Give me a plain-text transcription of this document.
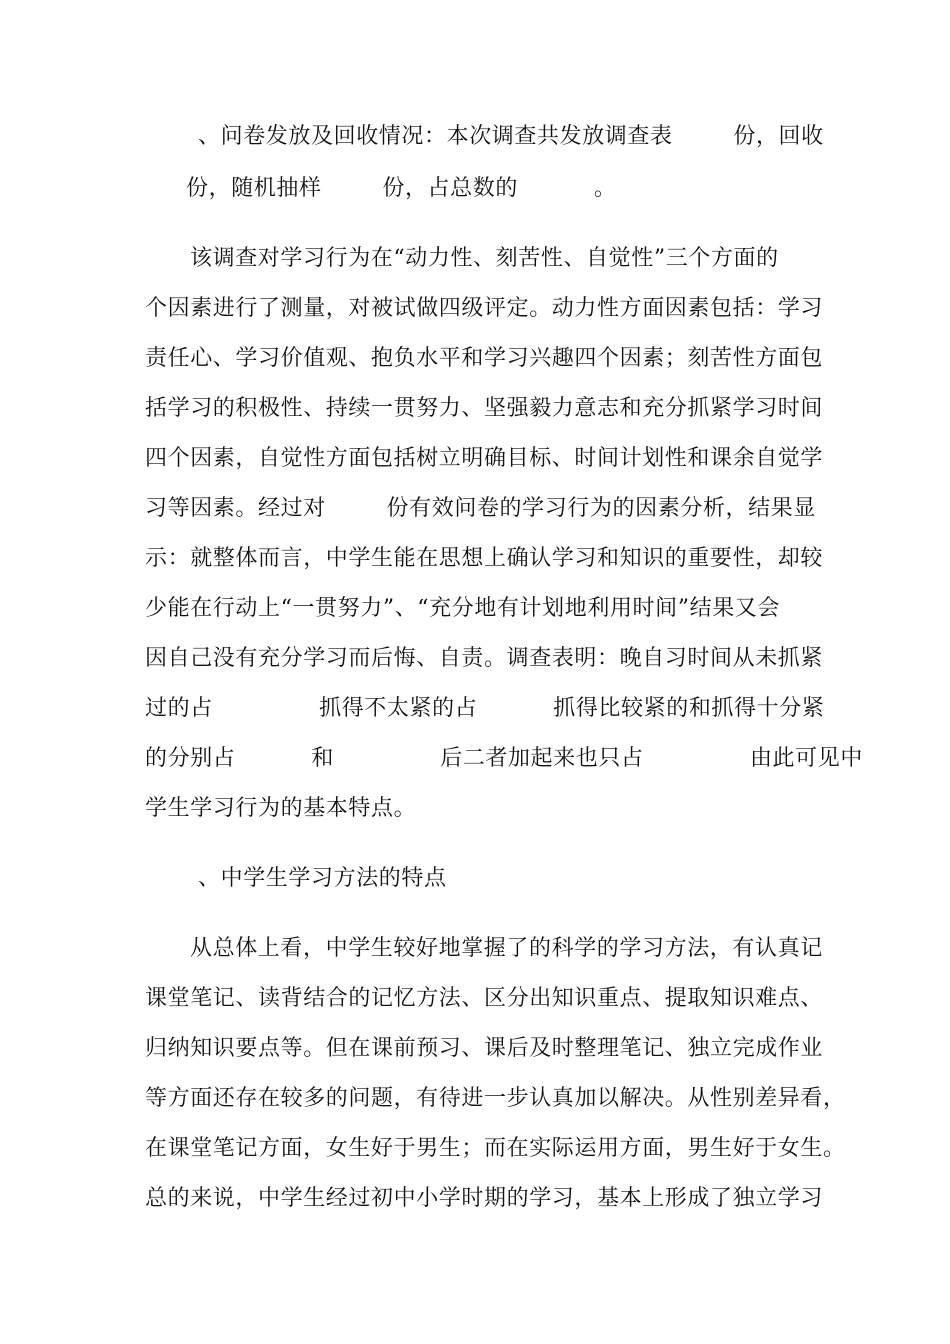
、问卷发放及回收情况：本次调查共发放调查表        份，回收
份，随机抽样        份，占总数的          。
该调查对学习行为在“动力性、刻苦性、自觉性”三个方面的
个因素进行了测量，对被试做四级评定。动力性方面因素包括：学习
责任心、学习价值观、抱负水平和学习兴趣四个因素；刻苦性方面包
括学习的积极性、持续一贯努力、坚强毅力意志和充分抓紧学习时间
四个因素，自觉性方面包括树立明确目标、时间计划性和课余自觉学
习等因素。经过对        份有效问卷的学习行为的因素分析，结果显
示：就整体而言，中学生能在思想上确认学习和知识的重要性，却较
少能在行动上“一贯努力”、“充分地有计划地利用时间”结果又会
因自己没有充分学习而后悔、自责。调查表明：晚自习时间从未抓紧
过的占              抓得不太紧的占          抓得比较紧的和抓得十分紧
的分别占          和              后二者加起来也只占              由此可见中
学生学习行为的基本特点。
、中学生学习方法的特点
从总体上看，中学生较好地掌握了的科学的学习方法，有认真记
课堂笔记、读背结合的记忆方法、区分出知识重点、提取知识难点、
归纳知识要点等。但在课前预习、课后及时整理笔记、独立完成作业
等方面还存在较多的问题，有待进一步认真加以解决。从性别差异看，
在课堂笔记方面，女生好于男生；而在实际运用方面，男生好于女生。
总的来说，中学生经过初中小学时期的学习，基本上形成了独立学习
